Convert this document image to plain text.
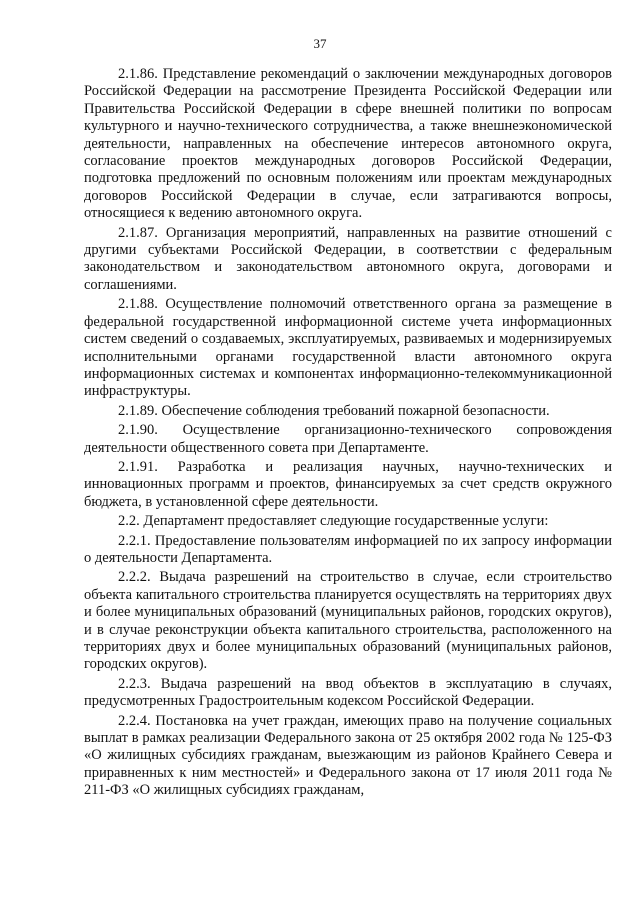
37

2.1.86. Представление рекомендаций о заключении международных договоров Российской Федерации на рассмотрение Президента Российской Федерации или Правительства Российской Федерации в сфере внешней политики по вопросам культурного и научно-технического сотрудничества, а также внешнеэкономической деятельности, направленных на обеспечение интересов автономного округа, согласование проектов международных договоров Российской Федерации, подготовка предложений по основным положениям или проектам международных договоров Российской Федерации в случае, если затрагиваются вопросы, относящиеся к ведению автономного округа.

2.1.87. Организация мероприятий, направленных на развитие отношений с другими субъектами Российской Федерации, в соответствии с федеральным законодательством и законодательством автономного округа, договорами и соглашениями.

2.1.88. Осуществление полномочий ответственного органа за размещение в федеральной государственной информационной системе учета информационных систем сведений о создаваемых, эксплуатируемых, развиваемых и модернизируемых исполнительными органами государственной власти автономного округа информационных системах и компонентах информационно-телекоммуникационной инфраструктуры.

2.1.89. Обеспечение соблюдения требований пожарной безопасности.

2.1.90. Осуществление организационно-технического сопровождения деятельности общественного совета при Департаменте.

2.1.91. Разработка и реализация научных, научно-технических и инновационных программ и проектов, финансируемых за счет средств окружного бюджета, в установленной сфере деятельности.

2.2. Департамент предоставляет следующие государственные услуги:

2.2.1. Предоставление пользователям информацией по их запросу информации о деятельности Департамента.

2.2.2. Выдача разрешений на строительство в случае, если строительство объекта капитального строительства планируется осуществлять на территориях двух и более муниципальных образований (муниципальных районов, городских округов), и в случае реконструкции объекта капитального строительства, расположенного на территориях двух и более муниципальных образований (муниципальных районов, городских округов).

2.2.3. Выдача разрешений на ввод объектов в эксплуатацию в случаях, предусмотренных Градостроительным кодексом Российской Федерации.

2.2.4. Постановка на учет граждан, имеющих право на получение социальных выплат в рамках реализации Федерального закона от 25 октября 2002 года № 125-ФЗ «О жилищных субсидиях гражданам, выезжающим из районов Крайнего Севера и приравненных к ним местностей» и Федерального закона от 17 июля 2011 года № 211-ФЗ «О жилищных субсидиях гражданам,
